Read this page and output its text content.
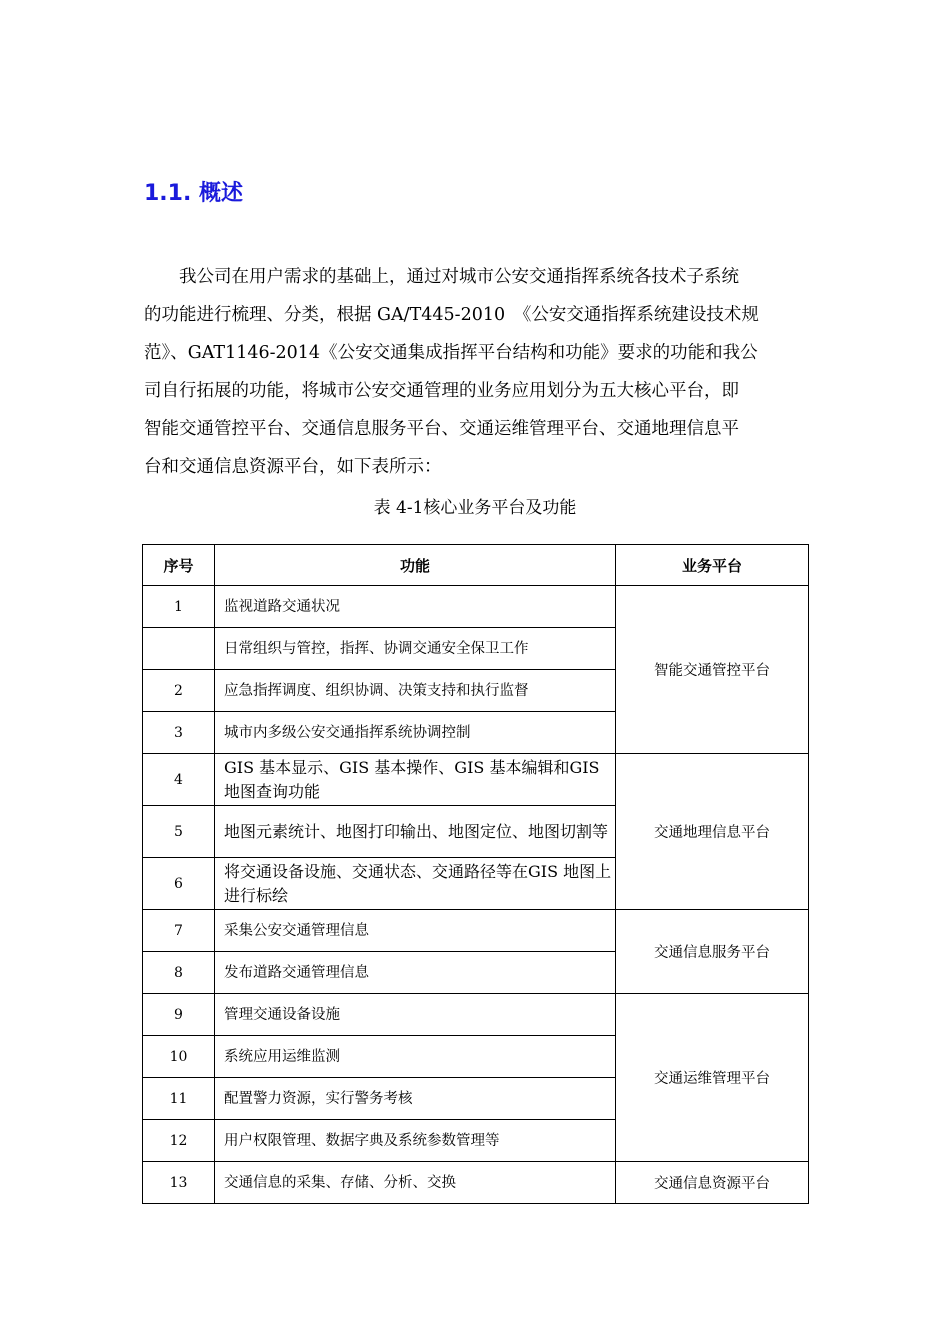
1.1. 概述
我公司在用户需求的基础上，通过对城市公安交通指挥系统各技术子系统
的功能进行梳理、分类，根据 GA/T445-2010　《公安交通指挥系统建设技术规
范》、GAT1146-2014《公安交通集成指挥平台结构和功能》要求的功能和我公
司自行拓展的功能，将城市公安交通管理的业务应用划分为五大核心平台，即
智能交通管控平台、交通信息服务平台、交通运维管理平台、交通地理信息平
台和交通信息资源平台，如下表所示：
表 4-1核心业务平台及功能
序号	功能	业务平台
1	监视道路交通状况	智能交通管控平台
	日常组织与管控，指挥、协调交通安全保卫工作	
2	应急指挥调度、组织协调、决策支持和执行监督	
3	城市内多级公安交通指挥系统协调控制	
4	GIS 基本显示、GIS 基本操作、GIS 基本编辑和GIS 地图查询功能	交通地理信息平台
5	地图元素统计、地图打印输出、地图定位、地图切割等	
6	将交通设备设施、交通状态、交通路径等在GIS 地图上进行标绘	
7	采集公安交通管理信息	交通信息服务平台
8	发布道路交通管理信息	
9	管理交通设备设施	交通运维管理平台
10	系统应用运维监测	
11	配置警力资源，实行警务考核	
12	用户权限管理、数据字典及系统参数管理等	
13	交通信息的采集、存储、分析、交换	交通信息资源平台
